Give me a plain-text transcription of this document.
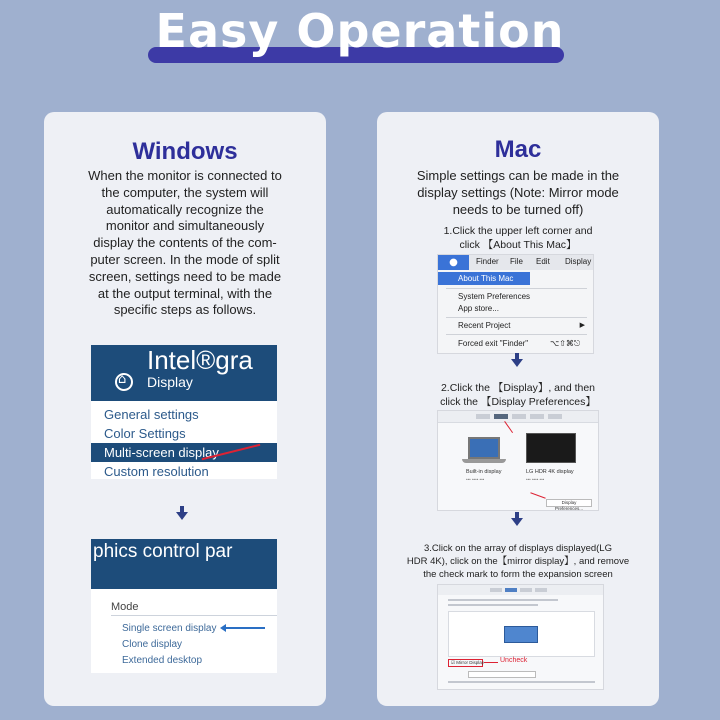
Easy Operation
Windows
When the monitor is connected to
the computer, the system will
automatically recognize the
monitor and simultaneously
display the contents of the com-
puter screen. In the mode of split
screen, settings need to be made
at the output terminal, with the
specific steps as follows.
Intel®gra
⌂
Display
General settings
Color Settings
Multi-screen display
Custom resolution
phics control par
Mode
Single screen display
Clone display
Extended desktop
Mac
Simple settings can be made in the
display settings (Note: Mirror mode
needs to be turned off)
1.Click the upper left corner and
click 【About This Mac】
2.Click the 【Display】, and then
click the 【Display Preferences】
3.Click on the array of displays displayed(LG
HDR 4K), click on the【mirror display】, and remove
the check mark to form the expansion screen
●	Finder File Edit Display
About This Mac
System Preferences
App store...
Recent Project	▶
Forced exit "Finder"	⌥⇧⌘⎋
Built-in display
••• •••• •••
LG HDR 4K display
••• •••• •••
Display Preferences...
☑ Mirror Display Uncheck
